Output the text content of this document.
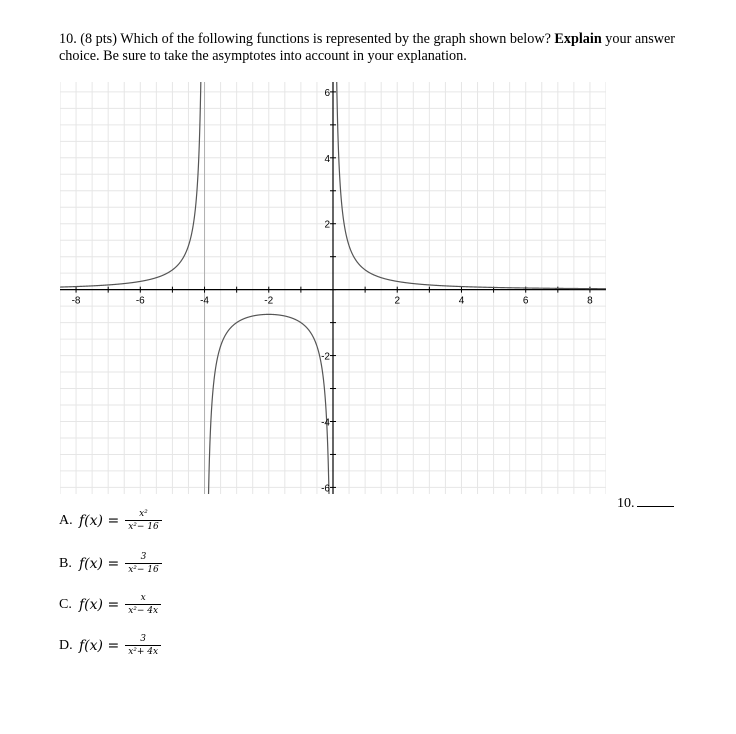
10. (8 pts) Which of the following functions is represented by the graph shown below? Explain your answer choice. Be sure to take the asymptotes into account in your explanation.
-8	-6	-4	-2	2	4	6	8
6
4
2
-2
-4
-6
10.
A. $f(x) = \frac{\text{x²}}{\text{x²− 16}}$
B. $f(x) = \frac{3}{\text{x²− 16}}$
C. $f(x) = \frac{x}{\text{x²− 4x}}$
D. $f(x) = \frac{3}{\text{x²+ 4x}}$
